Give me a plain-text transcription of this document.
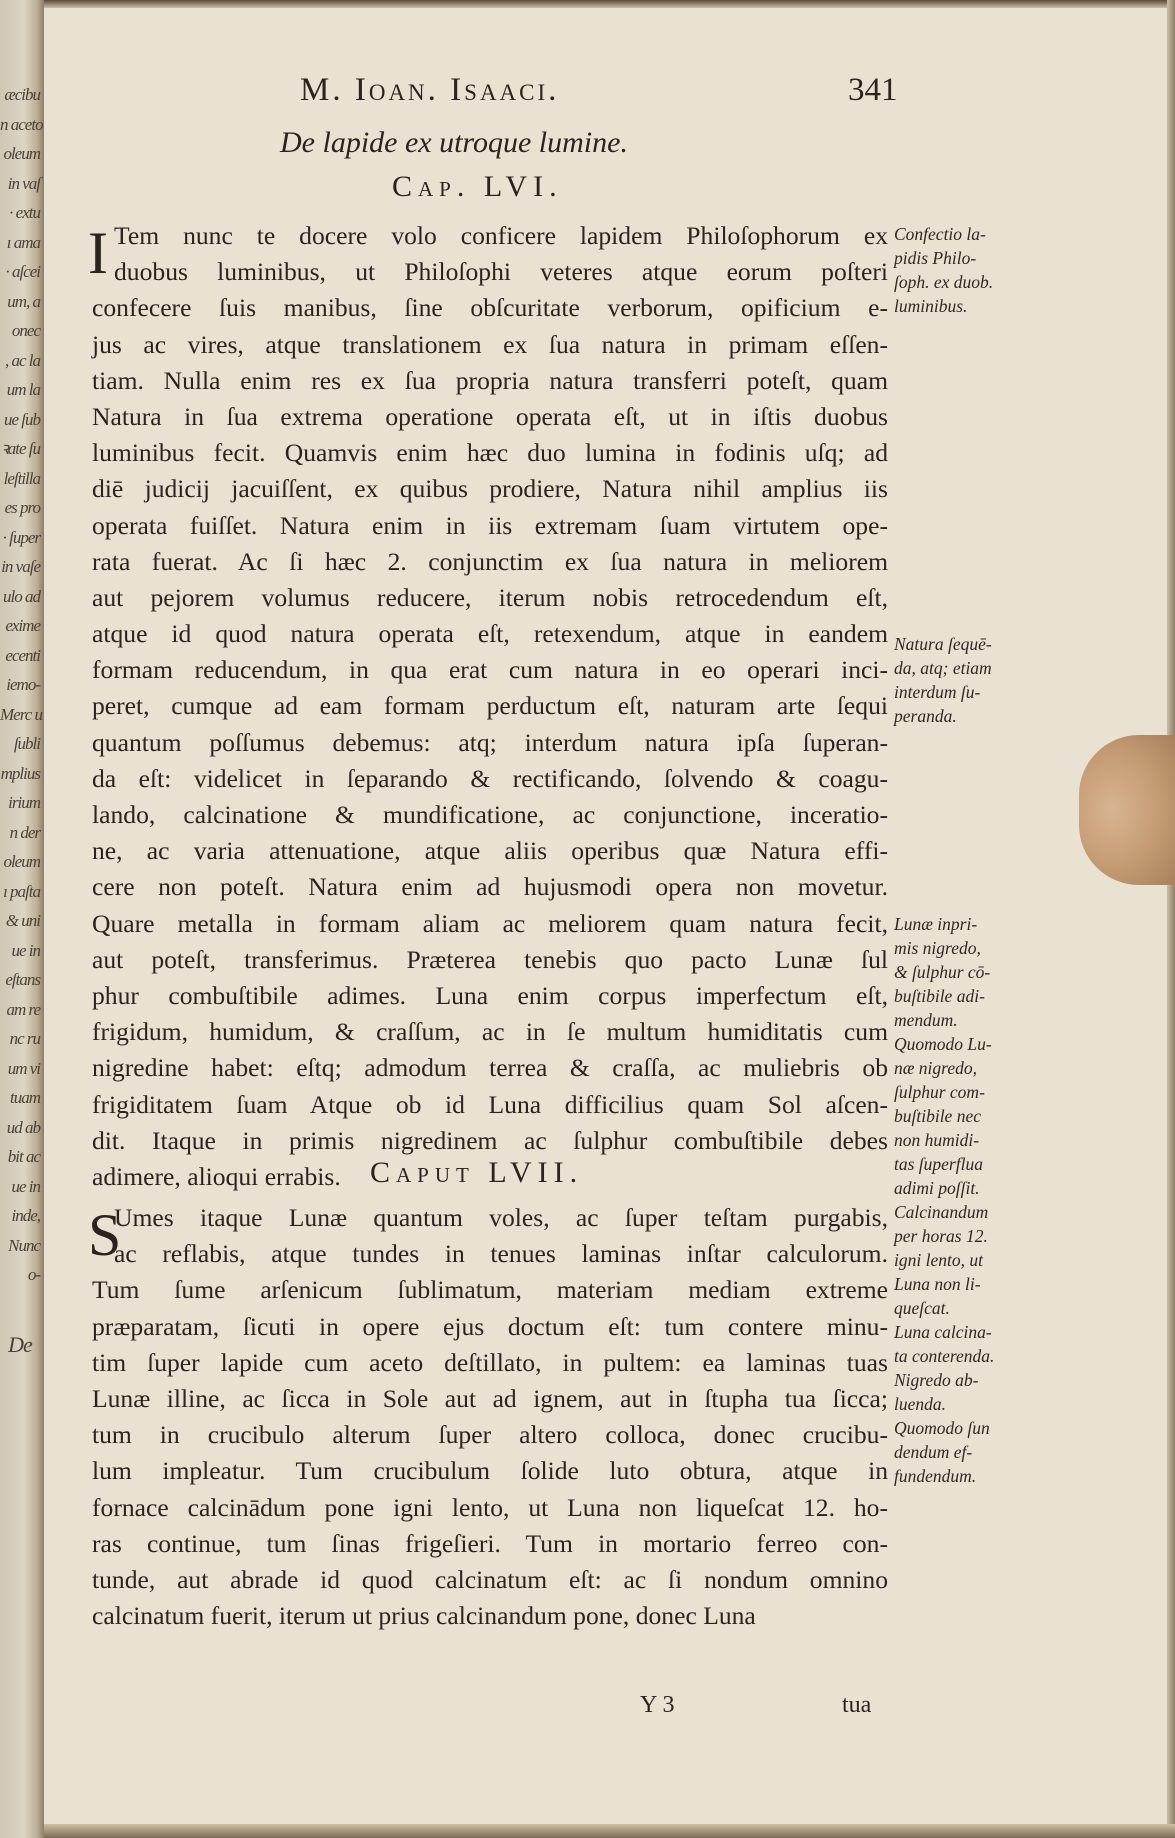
æcibu
n aceto
oleum
in vaſ
· extu
ı ama
· aſcei
um, a
onec
, ac la
um la
ue ſub
ꝛate ſu
leſtilla
es pro
· ſuper
in vaſe
ulo ad
exime
ecenti
iemo-
Merc u
ſubli
mplius
irium
n der
oleum
ı paſta
& uni
ue in
eſtans
am re
nc ru
um vi
tuam
ud ab
bit ac
ue in
inde,
Nunc
o-
De
M. Ioan. Isaaci.	341
De lapide ex utroque lumine.
Cap. LVI.
I Tem nunc te docere volo conficere lapidem Philoſophorum ex
duobus luminibus, ut Philoſophi veteres atque eorum poſteri
confecere ſuis manibus, ſine obſcuritate verborum, opificium e-
jus ac vires, atque translationem ex ſua natura in primam eſſen-
tiam. Nulla enim res ex ſua propria natura transferri poteſt, quam
Natura in ſua extrema operatione operata eſt, ut in iſtis duobus
luminibus fecit. Quamvis enim hæc duo lumina in fodinis uſq; ad
diē judicij jacuiſſent, ex quibus prodiere, Natura nihil amplius iis
operata fuiſſet. Natura enim in iis extremam ſuam virtutem ope-
rata fuerat. Ac ſi hæc 2. conjunctim ex ſua natura in meliorem
aut pejorem volumus reducere, iterum nobis retrocedendum eſt,
atque id quod natura operata eſt, retexendum, atque in eandem
formam reducendum, in qua erat cum natura in eo operari inci-
peret, cumque ad eam formam perductum eſt, naturam arte ſequi
quantum poſſumus debemus: atq; interdum natura ipſa ſuperan-
da eſt: videlicet in ſeparando & rectificando, ſolvendo & coagu-
lando, calcinatione & mundificatione, ac conjunctione, inceratio-
ne, ac varia attenuatione, atque aliis operibus quæ Natura effi-
cere non poteſt. Natura enim ad hujusmodi opera non movetur.
Quare metalla in formam aliam ac meliorem quam natura fecit,
aut poteſt, transferimus. Præterea tenebis quo pacto Lunæ ſul
phur combuſtibile adimes. Luna enim corpus imperfectum eſt,
frigidum, humidum, & craſſum, ac in ſe multum humiditatis cum
nigredine habet: eſtq; admodum terrea & craſſa, ac muliebris ob
frigiditatem ſuam Atque ob id Luna difficilius quam Sol aſcen-
dit. Itaque in primis nigredinem ac ſulphur combuſtibile debes
adimere, alioqui errabis. Caput LVII.
S
Umes itaque Lunæ quantum voles, ac ſuper teſtam purgabis,
ac reflabis, atque tundes in tenues laminas inſtar calculorum.
Tum ſume arſenicum ſublimatum, materiam mediam extreme
præparatam, ſicuti in opere ejus doctum eſt: tum contere minu-
tim ſuper lapide cum aceto deſtillato, in pultem: ea laminas tuas
Lunæ illine, ac ſicca in Sole aut ad ignem, aut in ſtupha tua ſicca;
tum in crucibulo alterum ſuper altero colloca, donec crucibu-
lum impleatur. Tum crucibulum ſolide luto obtura, atque in
fornace calcinādum pone igni lento, ut Luna non liqueſcat 12. ho-
ras continue, tum ſinas frigeſieri. Tum in mortario ferreo con-
tunde, aut abrade id quod calcinatum eſt: ac ſi nondum omnino
calcinatum fuerit, iterum ut prius calcinandum pone, donec Luna
Confectio la-
pidis Philo-
ſoph. ex duob.
luminibus.
Natura ſequē-
da, atq; etiam
interdum ſu-
peranda.
Lunæ inpri-
mis nigredo,
& ſulphur cō-
buſtibile adi-
mendum.
Quomodo Lu-
næ nigredo,
ſulphur com-
buſtibile nec
non humidi-
tas ſuperflua
adimi poſſit.
Calcinandum
per horas 12.
igni lento, ut
Luna non li-
queſcat.
Luna calcina-
ta conterenda.
Nigredo ab-
luenda.
Quomodo ſun
dendum ef-
fundendum.
Y 3	tua
